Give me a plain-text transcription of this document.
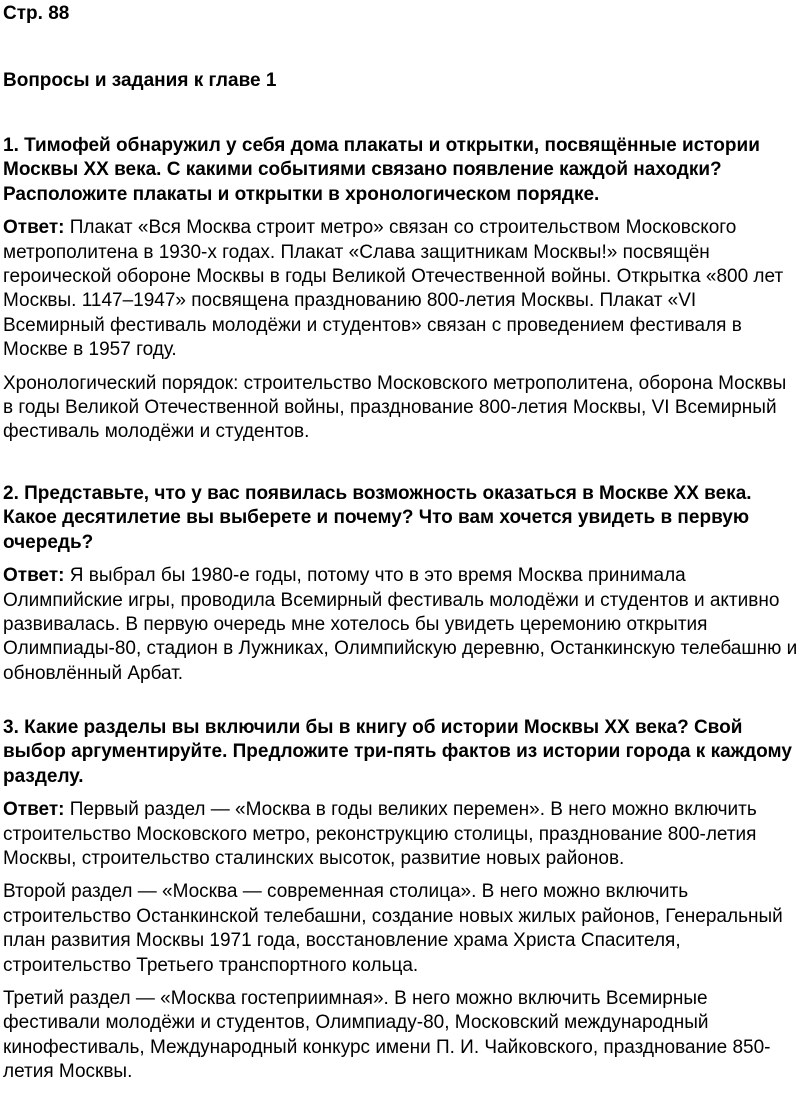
Стр. 88
Вопросы и задания к главе 1

1. Тимофей обнаружил у себя дома плакаты и открытки, посвящённые истории Москвы XX века. С какими событиями связано появление каждой находки? Расположите плакаты и открытки в хронологическом порядке.

Ответ: Плакат «Вся Москва строит метро» связан со строительством Московского метрополитена в 1930-х годах. Плакат «Слава защитникам Москвы!» посвящён героической обороне Москвы в годы Великой Отечественной войны. Открытка «800 лет Москвы. 1147–1947» посвящена празднованию 800-летия Москвы. Плакат «VI Всемирный фестиваль молодёжи и студентов» связан с проведением фестиваля в Москве в 1957 году.

Хронологический порядок: строительство Московского метрополитена, оборона Москвы в годы Великой Отечественной войны, празднование 800-летия Москвы, VI Всемирный фестиваль молодёжи и студентов.

2. Представьте, что у вас появилась возможность оказаться в Москве XX века. Какое десятилетие вы выберете и почему? Что вам хочется увидеть в первую очередь?

Ответ: Я выбрал бы 1980-е годы, потому что в это время Москва принимала Олимпийские игры, проводила Всемирный фестиваль молодёжи и студентов и активно развивалась. В первую очередь мне хотелось бы увидеть церемонию открытия Олимпиады-80, стадион в Лужниках, Олимпийскую деревню, Останкинскую телебашню и обновлённый Арбат.

3. Какие разделы вы включили бы в книгу об истории Москвы XX века? Свой выбор аргументируйте. Предложите три-пять фактов из истории города к каждому разделу.

Ответ: Первый раздел — «Москва в годы великих перемен». В него можно включить строительство Московского метро, реконструкцию столицы, празднование 800-летия Москвы, строительство сталинских высоток, развитие новых районов.

Второй раздел — «Москва — современная столица». В него можно включить строительство Останкинской телебашни, создание новых жилых районов, Генеральный план развития Москвы 1971 года, восстановление храма Христа Спасителя, строительство Третьего транспортного кольца.

Третий раздел — «Москва гостеприимная». В него можно включить Всемирные фестивали молодёжи и студентов, Олимпиаду-80, Московский международный кинофестиваль, Международный конкурс имени П. И. Чайковского, празднование 850-летия Москвы.
